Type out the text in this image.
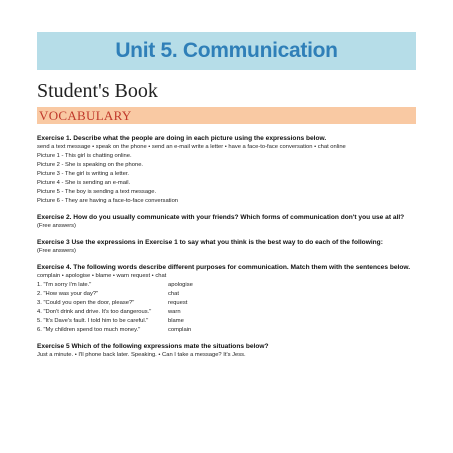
Unit 5. Communication
Student's Book
VOCABULARY
Exercise 1. Describe what the people are doing in each picture using the expressions below.
send a text message • speak on the phone • send an e-mail write a letter • have a face-to-face conversation • chat online
Picture 1 - This girl is chatting online.
Picture 2 - She is speaking on the phone.
Picture 3 - The girl is writing a letter.
Picture 4 - She is sending an e-mail.
Picture 5 - The boy is sending a text message.
Picture 6 - They are having a face-to-face conversation
Exercise 2. How do you usually communicate with your friends? Which forms of communication don't you use at all?
(Free answers)
Exercise 3 Use the expressions in Exercise 1 to say what you think is the best way to do each of the following:
(Free answers)
Exercise 4. The following words describe different purposes for communication. Match them with the sentences below.
complain • apologise • blame • warn request • chat
1. "I'm sorry I'm late."	apologise
2. "How was your day?"	chat
3. "Could you open the door, please?"	request
4. "Don't drink and drive. It's too dangerous."	warn
5. "It's Dave's fault. I told him to be careful."	blame
6. "My children spend too much money."	complain
Exercise 5 Which of the following expressions mate the situations below?
Just a minute. • I'll phone back later. Speaking. • Can I take a message? It's Jess.
